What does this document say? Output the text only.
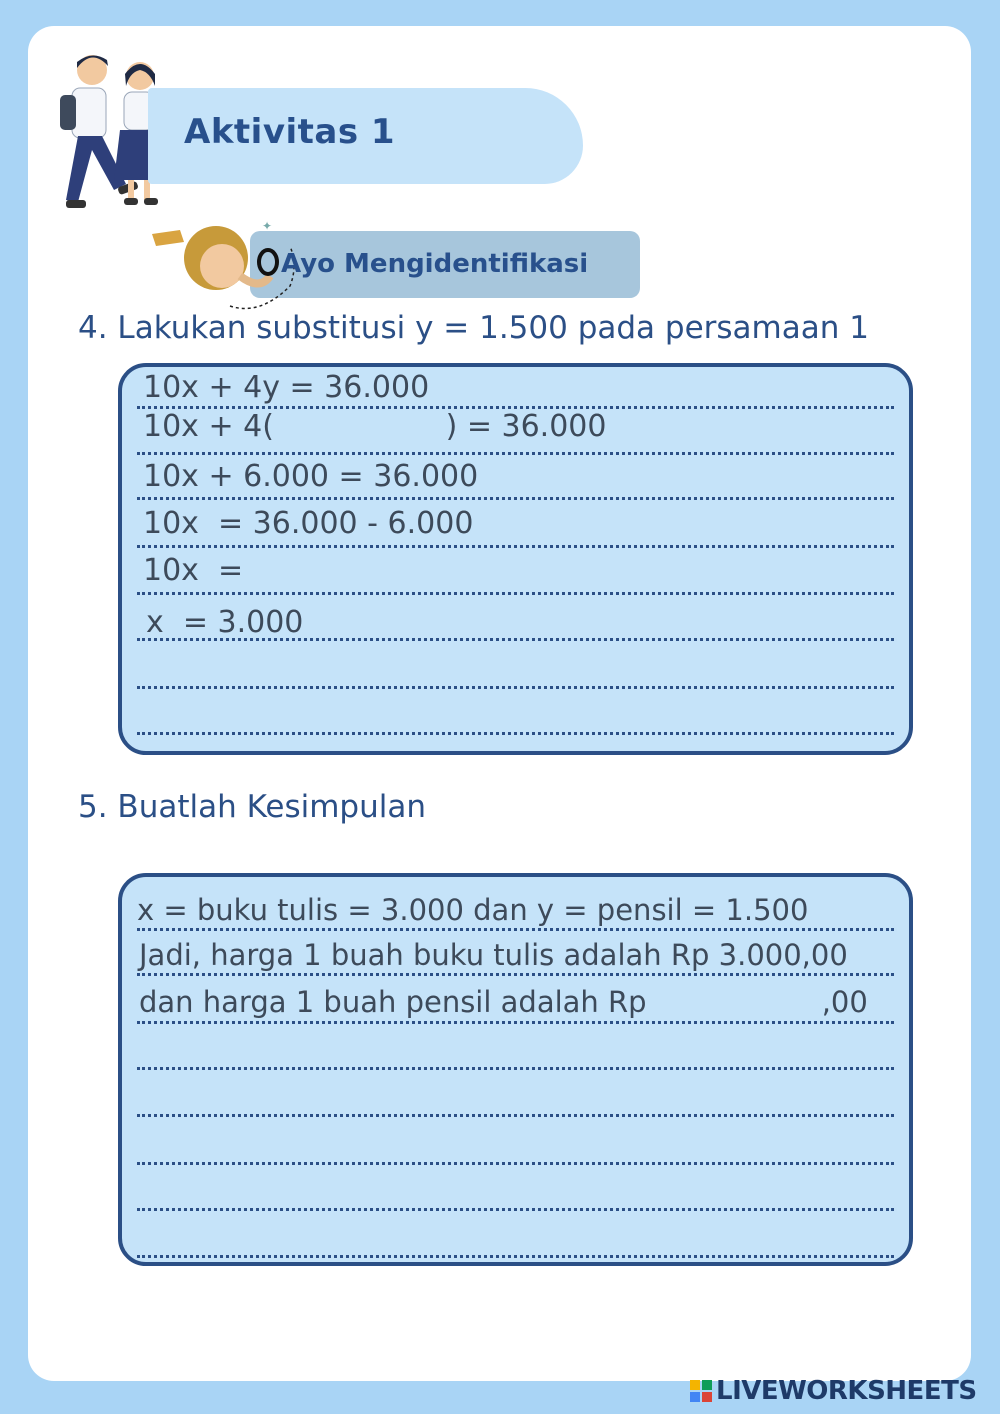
Aktivitas 1
✦
Ayo Mengidentifikasi
4. Lakukan substitusi y = 1.500 pada persamaan 1
10x + 4y = 36.000
10x + 4(                  ) = 36.000
10x + 6.000 = 36.000
10x  = 36.000 - 6.000
10x  =
x  = 3.000
5. Buatlah Kesimpulan
x = buku tulis = 3.000 dan y = pensil = 1.500
Jadi, harga 1 buah buku tulis adalah Rp 3.000,00
dan harga 1 buah pensil adalah Rp                   ,00
LIVEWORKSHEETS
